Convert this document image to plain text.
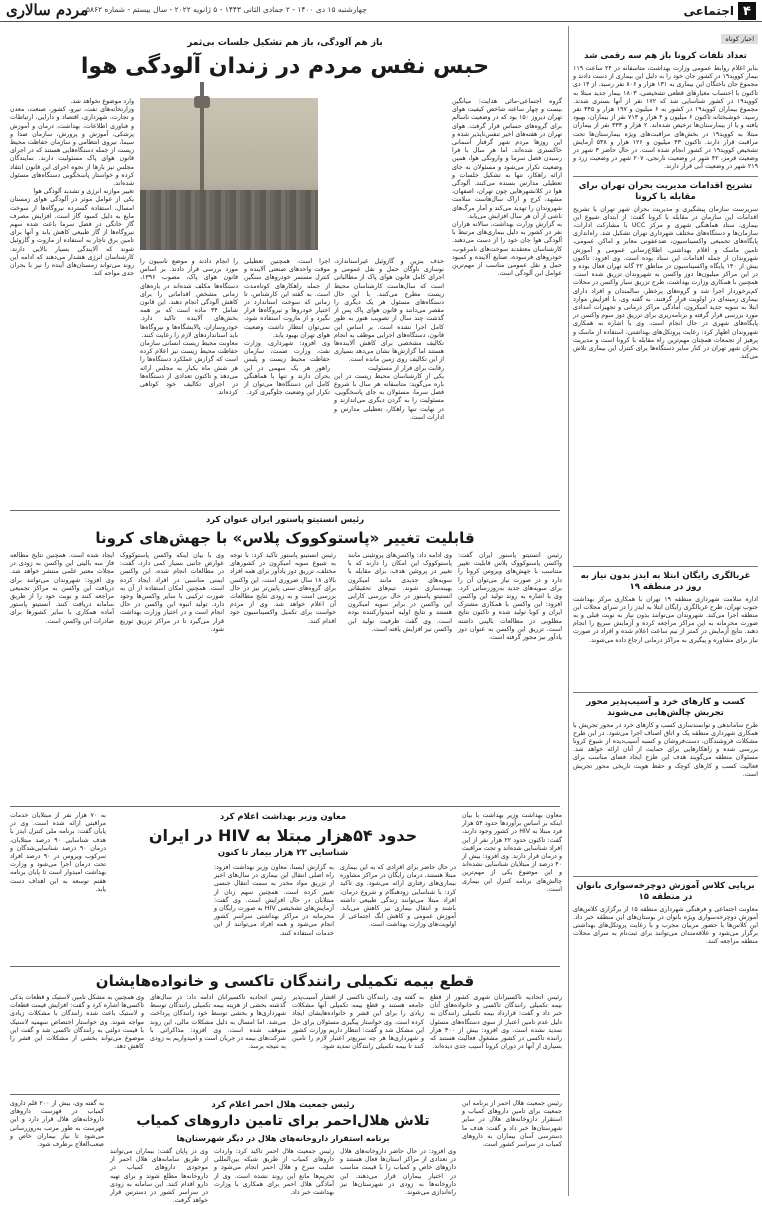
۴
اجتماعی
چهارشنبه ۱۵ دی ۱۴۰۰ - ۲ جمادی الثانی ۱۴۴۳ - ۵ ژانویه ۲۰۲۲ - سال بیستم - شماره ۵۸۶۲
مردم سالاری
اخبار کوتاه
تعداد تلفات کرونا باز هم سه رقمی شد
بنابر اعلام روابط عمومی وزارت بهداشت، متاسفانه در ۲۴ ساعت ۱۱۹ بیمار کووید۱۹ در کشور جان خود را به دلیل این بیماری از دست دادند و مجموع جان باختگان این بیماری به ۱۳۱ هزار و ۸۰۶ نفر رسید. از ۱۴ دی تاکنون با احتساب معیارهای قطعی تشخیصی، ۱۸۰۳ بیمار جدید مبتلا به کووید۱۹ در کشور شناسایی شد که ۱۷۲ نفر از آنها بستری شدند. مجموع بیماران کووید۱۹ در کشور به ۶ میلیون و ۱۹۷ هزار و ۳۴۵ نفر رسید. خوشبختانه تاکنون ۶ میلیون و ۴ هزار و ۷۱۳ نفر از بیماران، بهبود یافته و یا از بیمارستان‌ها ترخیص شده‌اند. ۲ هزار و ۳۳۳ نفر از بیماران مبتلا به کووید۱۹ در بخش‌های مراقبت‌های ویژه بیمارستان‌ها تحت مراقبت قرار دارند. تاکنون ۴۳ میلیون و ۱۲۶ هزار و ۵۳۸ آزمایش تشخیص کووید۱۹ در کشور انجام شده است. در حال حاضر ۳ شهر در وضعیت قرمز، ۴۲ شهر در وضعیت نارنجی، ۲۰۷ شهر در وضعیت زرد و ۲۱۹ شهر در وضعیت آبی قرار دارند.
تشریح اقدامات مدیریت بحران تهران برای مقابله با کرونا
سرپرست سازمان پیشگیری و مدیریت بحران شهر تهران با تشریح اقدامات این سازمان در مقابله با کرونا گفت: از ابتدای شیوع این بیماری، ستاد هماهنگی شهری و مرکز UCC با مشارکت ادارات، سازمان‌ها و دستگاه‌های مختلف شهرداری تهران تشکیل شد. راه‌اندازی پایگاه‌های تجمیعی واکسیناسیون، ضدعفونی معابر و اماکن عمومی، تامین ماسک و اقلام بهداشتی، اطلاع‌رسانی عمومی و آموزش شهروندان از جمله اقدامات این ستاد بوده است. وی افزود: تاکنون بیش از ۱۴۰ پایگاه واکسیناسیون در مناطق ۲۲ گانه تهران فعال بوده و در این مراکز میلیون‌ها دوز واکسن به شهروندان تزریق شده است. همچنین با همکاری وزارت بهداشت، طرح تزریق سیار واکسن در محلات کم‌برخوردار اجرا شد و گروه‌های پرخطر، سالمندان و افراد دارای بیماری زمینه‌ای در اولویت قرار گرفتند. به گفته وی، با افزایش موارد ابتلا به سویه جدید امیکرون، آمادگی مراکز درمانی و تجهیزات امدادی مورد بررسی قرار گرفته و برنامه‌ریزی برای تزریق دوز سوم واکسن در پایگاه‌های شهری در حال انجام است. وی با اشاره به همکاری شهروندان اظهار کرد: رعایت پروتکل‌های بهداشتی، استفاده از ماسک و پرهیز از تجمعات همچنان مهم‌ترین راه مقابله با کرونا است و مدیریت بحران شهر تهران در کنار سایر دستگاه‌ها برای کنترل این بیماری تلاش می‌کند.
غربالگری رایگان ابتلا به ایدز بدون نیاز به روز در منطقه ۱۹
اداره سلامت شهرداری منطقه ۱۹ تهران با همکاری مرکز بهداشت جنوب تهران، طرح غربالگری رایگان ابتلا به ایدز را در سرای محلات این منطقه اجرا می‌کند. شهروندان می‌توانند بدون نیاز به نوبت قبلی و به صورت محرمانه به این مراکز مراجعه کرده و آزمایش سریع را انجام دهند. نتایج آزمایش در کمتر از نیم ساعت اعلام شده و افراد در صورت نیاز برای مشاوره و پیگیری به مراکز درمانی ارجاع داده می‌شوند.
کسب و کارهای خرد و آسیب‌پذیر محور تجربش چالش‌هایی می‌شوند
طرح ساماندهی و توانمندسازی کسب و کارهای خرد در محور تجریش با همکاری شهرداری منطقه یک و اتاق اصناف اجرا می‌شود. در این طرح مشکلات فروشندگان، دست‌فروشان و کسبه آسیب‌دیده از شیوع کرونا بررسی شده و راهکارهایی برای حمایت از آنان ارائه خواهد شد. مسئولان منطقه می‌گویند هدف این طرح ایجاد فضای مناسب برای فعالیت کسب و کارهای کوچک و حفظ هویت تاریخی محور تجریش است.
برپایی کلاس آموزش دوچرخه‌سواری بانوان در منطقه ۱۵
معاونت اجتماعی و فرهنگی شهرداری منطقه ۱۵ از برگزاری کلاس‌های آموزش دوچرخه‌سواری ویژه بانوان در بوستان‌های این منطقه خبر داد. این کلاس‌ها با حضور مربیان مجرب و با رعایت پروتکل‌های بهداشتی برگزار می‌شود و علاقه‌مندان می‌توانند برای ثبت‌نام به سرای محلات منطقه مراجعه کنند.
باز هم آلودگی، باز هم تشکیل جلسات بی‌ثمر
حبس نفس مردم در زندان آلودگی هوا
گروه اجتماعی-مائی هدایت: میانگین بیست و چهار ساعته شاخص کیفیت هوای تهران دیروز ۱۵۰ بود که در وضعیت ناسالم برای گروه‌های حساس قرار گرفت. هوای تهران در هفته‌های اخیر تنفس‌ناپذیر شده و این روزها مردم شهر گرفتار آسمانی خاکستری شده‌اند. اما هر سال با فرا رسیدن فصل سرما و وارونگی هوا، همین وضعیت تکرار می‌شود و مسئولان به جای ارائه راهکار، تنها به تشکیل جلسات و تعطیلی مدارس بسنده می‌کنند. آلودگی هوا در کلانشهرهایی چون تهران، اصفهان، مشهد، کرج و اراک سال‌هاست سلامت شهروندان را تهدید می‌کند و آمار مرگ‌های ناشی از آن هر سال افزایش می‌یابد.
به گزارش وزارت بهداشت، سالانه هزاران نفر در کشور به دلیل بیماری‌های مرتبط با آلودگی هوا جان خود را از دست می‌دهند. کارشناسان معتقدند سوخت‌های نامرغوب، خودروهای فرسوده، صنایع آلاینده و کمبود حمل و نقل عمومی مناسب از مهم‌ترین عوامل این آلودگی است.
حذف بنزین و گازوئیل غیراستاندارد، نوسازی ناوگان حمل و نقل عمومی و اجرای کامل قانون هوای پاک از مطالباتی است که سال‌هاست کارشناسان محیط زیست مطرح می‌کنند. با این حال دستگاه‌های مسئول هر یک دیگری را مقصر می‌دانند و قانون هوای پاک پس از گذشت چند سال از تصویب هنوز به طور کامل اجرا نشده است. بر اساس این قانون، دستگاه‌های اجرایی موظف به انجام تکالیف مشخصی برای کاهش آلاینده‌ها هستند اما گزارش‌ها نشان می‌دهد بسیاری از این تکالیف روی زمین مانده است.
رقابت برای فرار از مسئولیت
یکی از کارشناسان محیط زیست در این باره می‌گوید: متاسفانه هر سال با شروع فصل سرما، مسئولان به جای پاسخگویی، مسئولیت را به گردن دیگری می‌اندازند و در نهایت تنها راهکار، تعطیلی مدارس و ادارات است.
اجرا است. همچنین تعطیلی موقت واحدهای صنعتی آلاینده و کنترل مستمر خودروهای سنگین از جمله راهکارهای کوتاه‌مدت است. به گفته این کارشناس، تا زمانی که سوخت استاندارد در اختیار خودروها و نیروگاه‌ها قرار نگیرد و از مازوت استفاده شود، نمی‌توان انتظار داشت وضعیت هوای تهران بهبود یابد.
وی افزود: شهرداری، وزارت نفت، وزارت صمت، سازمان حفاظت محیط زیست و پلیس راهور هر یک سهمی در این بحران دارند و تنها با هماهنگی کامل این دستگاه‌ها می‌توان از تکرار این وضعیت جلوگیری کرد.
را انجام دادند و موضع ناسیون را مورد بررسی قرار دادند. بر اساس قانون هوای پاک، مصوب ۱۳۹۶، دستگاه‌ها مکلف شده‌اند در بازه‌های زمانی مشخص اقداماتی را برای کاهش آلودگی انجام دهند. این قانون شامل ۳۴ ماده است که بر همه بخش‌های آلاینده تاکید دارد. خودروسازان، پالایشگاه‌ها و نیروگاه‌ها باید استانداردهای لازم را رعایت کنند.
معاونت محیط زیست انسانی سازمان حفاظت محیط زیست نیز اعلام کرده است که گزارش عملکرد دستگاه‌ها را هر شش ماه یکبار به مجلس ارائه می‌دهد و تاکنون تعدادی از دستگاه‌ها در اجرای تکالیف خود کوتاهی کرده‌اند.
وارد موضوع نخواهد شد.
وزارتخانه‌های نفت، نیرو، کشور، صنعت، معدن و تجارت، شهرداری، اقتصاد و دارایی، ارتباطات و فناوری اطلاعات، بهداشت، درمان و آموزش پزشکی، آموزش و پرورش، سازمان صدا و سیما، نیروی انتظامی و سازمان حفاظت محیط زیست از جمله دستگاه‌هایی هستند که در اجرای قانون هوای پاک مسئولیت دارند. نمایندگان مجلس نیز بارها از نحوه اجرای این قانون انتقاد کرده و خواستار پاسخگویی دستگاه‌های مسئول شده‌اند.
تغییر موازنه انرژی و تشدید آلودگی هوا
یکی از عوامل موثر در آلودگی هوای زمستان امسال، استفاده گسترده نیروگاه‌ها از سوخت مایع به دلیل کمبود گاز است. افزایش مصرف گاز خانگی در فصل سرما باعث شده سهم نیروگاه‌ها از گاز طبیعی کاهش یابد و آنها برای تامین برق ناچار به استفاده از مازوت و گازوئیل شوند که آلایندگی بسیار بالایی دارند. کارشناسان انرژی هشدار می‌دهند که ادامه این روند می‌تواند زمستان‌های آینده را نیز با بحران جدی مواجه کند.
رئیس انستیتو پاستور ایران عنوان کرد
قابلیت تغییر «پاستوکووک پلاس» با جهش‌های کرونا
رئیس انستیتو پاستور ایران گفت: واکسن پاستوکووک پلاس قابلیت تغییر متناسب با جهش‌های ویروس کرونا را دارد و در صورت نیاز می‌توان آن را برای سویه‌های جدید به‌روزرسانی کرد. وی با اشاره به روند تولید این واکسن افزود: این واکسن با همکاری مشترک ایران و کوبا تولید شده و تاکنون نتایج مطلوبی در مطالعات بالینی داشته است. تزریق این واکسن به عنوان دوز یادآور نیز مجوز گرفته است.
وی ادامه داد: واکسن‌های پروتئینی مانند پاستوکووک این امکان را دارند که با تغییر در پروتئین هدف، برای مقابله با سویه‌های جدیدی مانند امیکرون بهینه‌سازی شوند. تیم‌های تحقیقاتی انستیتو پاستور در حال بررسی کارایی این واکسن در برابر سویه امیکرون هستند و نتایج اولیه امیدوارکننده بوده است. وی گفت ظرفیت تولید این واکسن نیز افزایش یافته است.
رئیس انستیتو پاستور تاکید کرد: با توجه به شیوع سویه امیکرون در کشورهای مختلف، تزریق دوز یادآور برای همه افراد بالای ۱۸ سال ضروری است. این واکسن برای گروه‌های سنی پایین‌تر نیز در حال بررسی است و به زودی نتایج مطالعات آن اعلام خواهد شد. وی از مردم خواست برای تکمیل واکسیناسیون خود اقدام کنند.
وی با بیان اینکه واکسن پاستوکووک عوارض جانبی بسیار کمی دارد، گفت: در مطالعات انجام شده، این واکسن ایمنی مناسبی در افراد ایجاد کرده است. همچنین امکان استفاده از آن به صورت ترکیبی با سایر واکسن‌ها وجود دارد. تولید انبوه این واکسن در حال انجام است و در اختیار وزارت بهداشت قرار می‌گیرد تا در مراکز تزریق توزیع شود.
ایجاد شده است. همچنین نتایج مطالعه فاز سه بالینی این واکسن به زودی در مجلات معتبر علمی منتشر خواهد شد. وی افزود: شهروندان می‌توانند برای دریافت این واکسن به مراکز تجمیعی مراجعه کنند و نوبت خود را از طریق سامانه دریافت کنند. انستیتو پاستور آماده همکاری با سایر کشورها برای صادرات این واکسن است.
معاون وزیر بهداشت اعلام کرد
حدود ۵۴هزار مبتلا به HIV در ایران
شناسایی ۲۲ هزار بیمار تا کنون
معاون بهداشت وزیر بهداشت با بیان اینکه بر اساس برآوردها حدود ۵۴ هزار فرد مبتلا به HIV در کشور وجود دارند، گفت: تاکنون حدود ۲۲ هزار نفر از این افراد شناسایی شده‌اند و تحت مراقبت و درمان قرار دارند. وی افزود: بیش از ۴۰ درصد از مبتلایان شناسایی نشده‌اند و این موضوع یکی از مهم‌ترین چالش‌های برنامه کنترل این بیماری است.
در حال حاضر برای افرادی که به این بیماری مبتلا هستند، درمان رایگان در مراکز مشاوره بیماری‌های رفتاری ارائه می‌شود. وی تاکید کرد: با شناسایی زودهنگام و شروع درمان، افراد مبتلا می‌توانند زندگی طبیعی داشته باشند و انتقال بیماری نیز کاهش می‌یابد. آموزش عمومی و کاهش انگ اجتماعی از اولویت‌های وزارت بهداشت است.
به گزارش ایسنا، معاون وزیر بهداشت افزود: راه اصلی انتقال این بیماری در سال‌های اخیر از تزریق مواد مخدر به سمت انتقال جنسی تغییر کرده است. همچنین سهم زنان از مبتلایان در حال افزایش است. وی گفت: آزمایش‌های تشخیصی HIV به صورت رایگان و محرمانه در مراکز بهداشتی سراسر کشور انجام می‌شود و همه افراد می‌توانند از این خدمات استفاده کنند.
به ۷۰ هزار نفر از مبتلایان خدمات مراقبتی ارائه شده است. وی در پایان گفت: برنامه ملی کنترل ایدز با هدف شناسایی ۹۰ درصد مبتلایان، درمان ۹۰ درصد شناسایی‌شدگان و سرکوب ویروس در ۹۰ درصد افراد تحت درمان اجرا می‌شود و وزارت بهداشت امیدوار است تا پایان برنامه هفتم توسعه به این اهداف دست یابد.
قطع بیمه تکمیلی رانندگان تاکسی و خانواده‌هایشان
رئیس اتحادیه تاکسیرانان شهری کشور از قطع بیمه تکمیلی رانندگان تاکسی و خانواده‌های آنان خبر داد و گفت: قرارداد بیمه تکمیلی رانندگان به دلیل عدم تامین اعتبار از سوی دستگاه‌های مسئول تمدید نشده است. وی افزود: بیش از ۳۰۰ هزار راننده تاکسی در کشور مشغول فعالیت هستند که بسیاری از آنها در دوران کرونا آسیب جدی دیده‌اند.
به گفته وی، رانندگان تاکسی از اقشار آسیب‌پذیر جامعه هستند و قطع بیمه تکمیلی آنها مشکلات زیادی را برای این قشر و خانواده‌هایشان ایجاد کرده است. وی خواستار پیگیری مسئولان برای حل این مشکل شد و گفت: انتظار داریم وزارت کشور و شهرداری‌ها هر چه سریع‌تر اعتبار لازم را تامین کنند تا بیمه تکمیلی رانندگان تمدید شود.
رئیس اتحادیه تاکسیرانان ادامه داد: در سال‌های گذشته بخشی از هزینه بیمه تکمیلی رانندگان توسط شهرداری‌ها و بخشی توسط خود رانندگان پرداخت می‌شد. اما امسال به دلیل مشکلات مالی، این روند متوقف شده است. وی افزود: مذاکراتی با شرکت‌های بیمه در جریان است و امیدواریم به زودی به نتیجه برسد.
وی همچنین به مشکل تامین لاستیک و قطعات یدکی تاکسی‌ها اشاره کرد و گفت: افزایش قیمت قطعات و لاستیک باعث شده رانندگان با مشکلات زیادی مواجه شوند. وی خواستار اختصاص سهمیه لاستیک با قیمت دولتی به رانندگان تاکسی شد و گفت این موضوع می‌تواند بخشی از مشکلات این قشر را کاهش دهد.
رئیس جمعیت هلال احمر اعلام کرد
تلاش هلال‌احمر برای تامین داروهای کمیاب
برنامه استقرار داروخانه‌های هلال در دیگر شهرستان‌ها
رئیس جمعیت هلال احمر از برنامه این جمعیت برای تامین داروهای کمیاب و استقرار داروخانه‌های هلال در سایر شهرستان‌ها خبر داد و گفت: هدف ما دسترسی آسان بیماران به داروهای کمیاب در سراسر کشور است.
وی افزود: در حال حاضر داروخانه‌های هلال در تعدادی از مراکز استان‌ها فعال هستند و داروهای خاص و کمیاب را با قیمت مناسب در اختیار بیماران قرار می‌دهند. این داروخانه‌ها به زودی در شهرستان‌ها نیز راه‌اندازی می‌شوند.
رئیس جمعیت هلال احمر تاکید کرد: واردات داروهای کمیاب از طریق شبکه بین‌المللی صلیب سرخ و هلال احمر انجام می‌شود و تحریم‌ها مانع این روند نشده است. وی از آمادگی هلال احمر برای همکاری با وزارت بهداشت خبر داد.
وی در پایان گفت: بیماران می‌توانند از طریق سامانه‌های هلال احمر از موجودی داروهای کمیاب در داروخانه‌ها مطلع شوند و برای تهیه دارو اقدام کنند. این سامانه به زودی در سراسر کشور در دسترس قرار خواهد گرفت.
به گفته وی، بیش از ۲۰۰ قلم داروی کمیاب در فهرست داروهای داروخانه‌های هلال قرار دارد و این فهرست به طور مرتب به‌روزرسانی می‌شود تا نیاز بیماران خاص و صعب‌العلاج برطرف شود.
